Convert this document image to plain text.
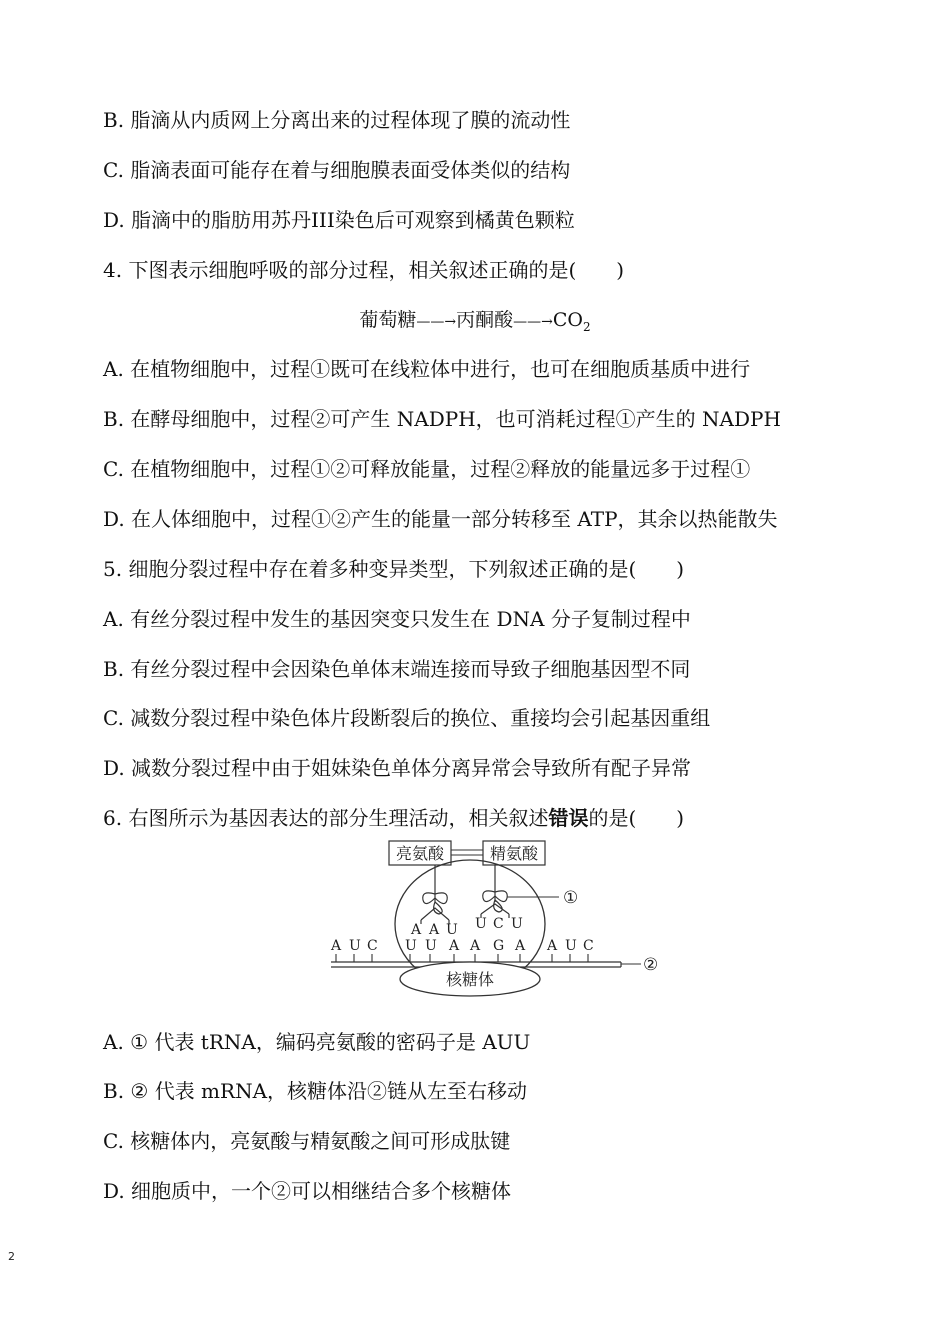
B. 脂滴从内质网上分离出来的过程体现了膜的流动性
C. 脂滴表面可能存在着与细胞膜表面受体类似的结构
D. 脂滴中的脂肪用苏丹III染色后可观察到橘黄色颗粒
4. 下图表示细胞呼吸的部分过程，相关叙述正确的是(　　)
葡萄糖——→丙酮酸$——\to CO_2$
A. 在植物细胞中，过程①既可在线粒体中进行，也可在细胞质基质中进行
B. 在酵母细胞中，过程②可产生 NADPH，也可消耗过程①产生的 NADPH
C. 在植物细胞中，过程①②可释放能量，过程②释放的能量远多于过程①
D. 在人体细胞中，过程①②产生的能量一部分转移至 ATP，其余以热能散失
5. 细胞分裂过程中存在着多种变异类型，下列叙述正确的是(　　)
A. 有丝分裂过程中发生的基因突变只发生在 DNA 分子复制过程中
B. 有丝分裂过程中会因染色单体末端连接而导致子细胞基因型不同
C. 减数分裂过程中染色体片段断裂后的换位、重接均会引起基因重组
D. 减数分裂过程中由于姐妹染色单体分离异常会导致所有配子异常
6. 右图所示为基因表达的部分生理活动，相关叙述错误的是(　　)
亮氨酸	精氨酸
①
A A U U C U
A U C U U A A G A A U C
②
核糖体
A. ① 代表 tRNA，编码亮氨酸的密码子是 AUU
B. ② 代表 mRNA，核糖体沿②链从左至右移动
C. 核糖体内，亮氨酸与精氨酸之间可形成肽键
D. 细胞质中，一个②可以相继结合多个核糖体
2
